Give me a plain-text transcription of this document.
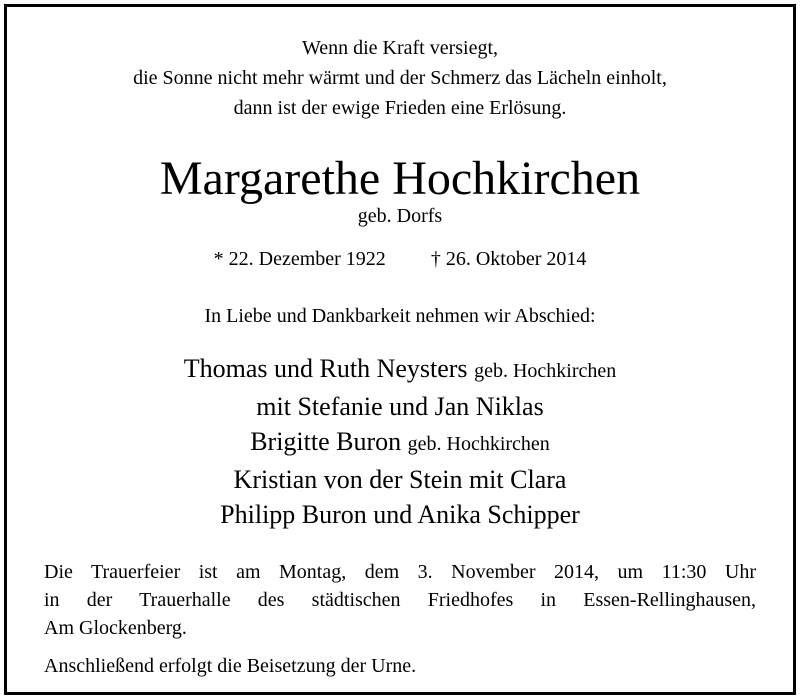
Wenn die Kraft versiegt,
die Sonne nicht mehr wärmt und der Schmerz das Lächeln einholt,
dann ist der ewige Frieden eine Erlösung.
Margarethe Hochkirchen
geb. Dorfs
* 22. Dezember 1922 † 26. Oktober 2014
In Liebe und Dankbarkeit nehmen wir Abschied:
Thomas und Ruth Neysters geb. Hochkirchen
mit Stefanie und Jan Niklas
Brigitte Buron geb. Hochkirchen
Kristian von der Stein mit Clara
Philipp Buron und Anika Schipper
Die Trauerfeier ist am Montag, dem 3. November 2014, um 11:30 Uhr
in der Trauerhalle des städtischen Friedhofes in Essen-Rellinghausen,
Am Glockenberg.
Anschließend erfolgt die Beisetzung der Urne.
